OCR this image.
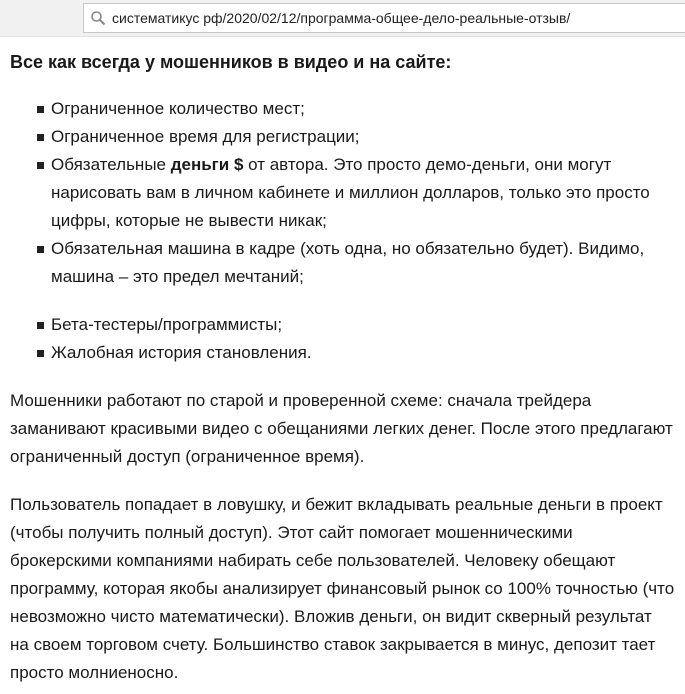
систематикус рф/2020/02/12/программа-общее-дело-реальные-отзыв/
Все как всегда у мошенников в видео и на сайте:
Ограниченное количество мест;
Ограниченное время для регистрации;
Обязательные деньги $ от автора. Это просто демо-деньги, они могут нарисовать вам в личном кабинете и миллион долларов, только это просто цифры, которые не вывести никак;
Обязательная машина в кадре (хоть одна, но обязательно будет). Видимо, машина – это предел мечтаний;
Бета-тестеры/программисты;
Жалобная история становления.

Мошенники работают по старой и проверенной схеме: сначала трейдера заманивают красивыми видео с обещаниями легких денег. После этого предлагают ограниченный доступ (ограниченное время).

Пользователь попадает в ловушку, и бежит вкладывать реальные деньги в проект (чтобы получить полный доступ). Этот сайт помогает мошенническими брокерскими компаниями набирать себе пользователей. Человеку обещают программу, которая якобы анализирует финансовый рынок со 100% точностью (что невозможно чисто математически). Вложив деньги, он видит скверный результат на своем торговом счету. Большинство ставок закрывается в минус, депозит тает просто молниеносно.
